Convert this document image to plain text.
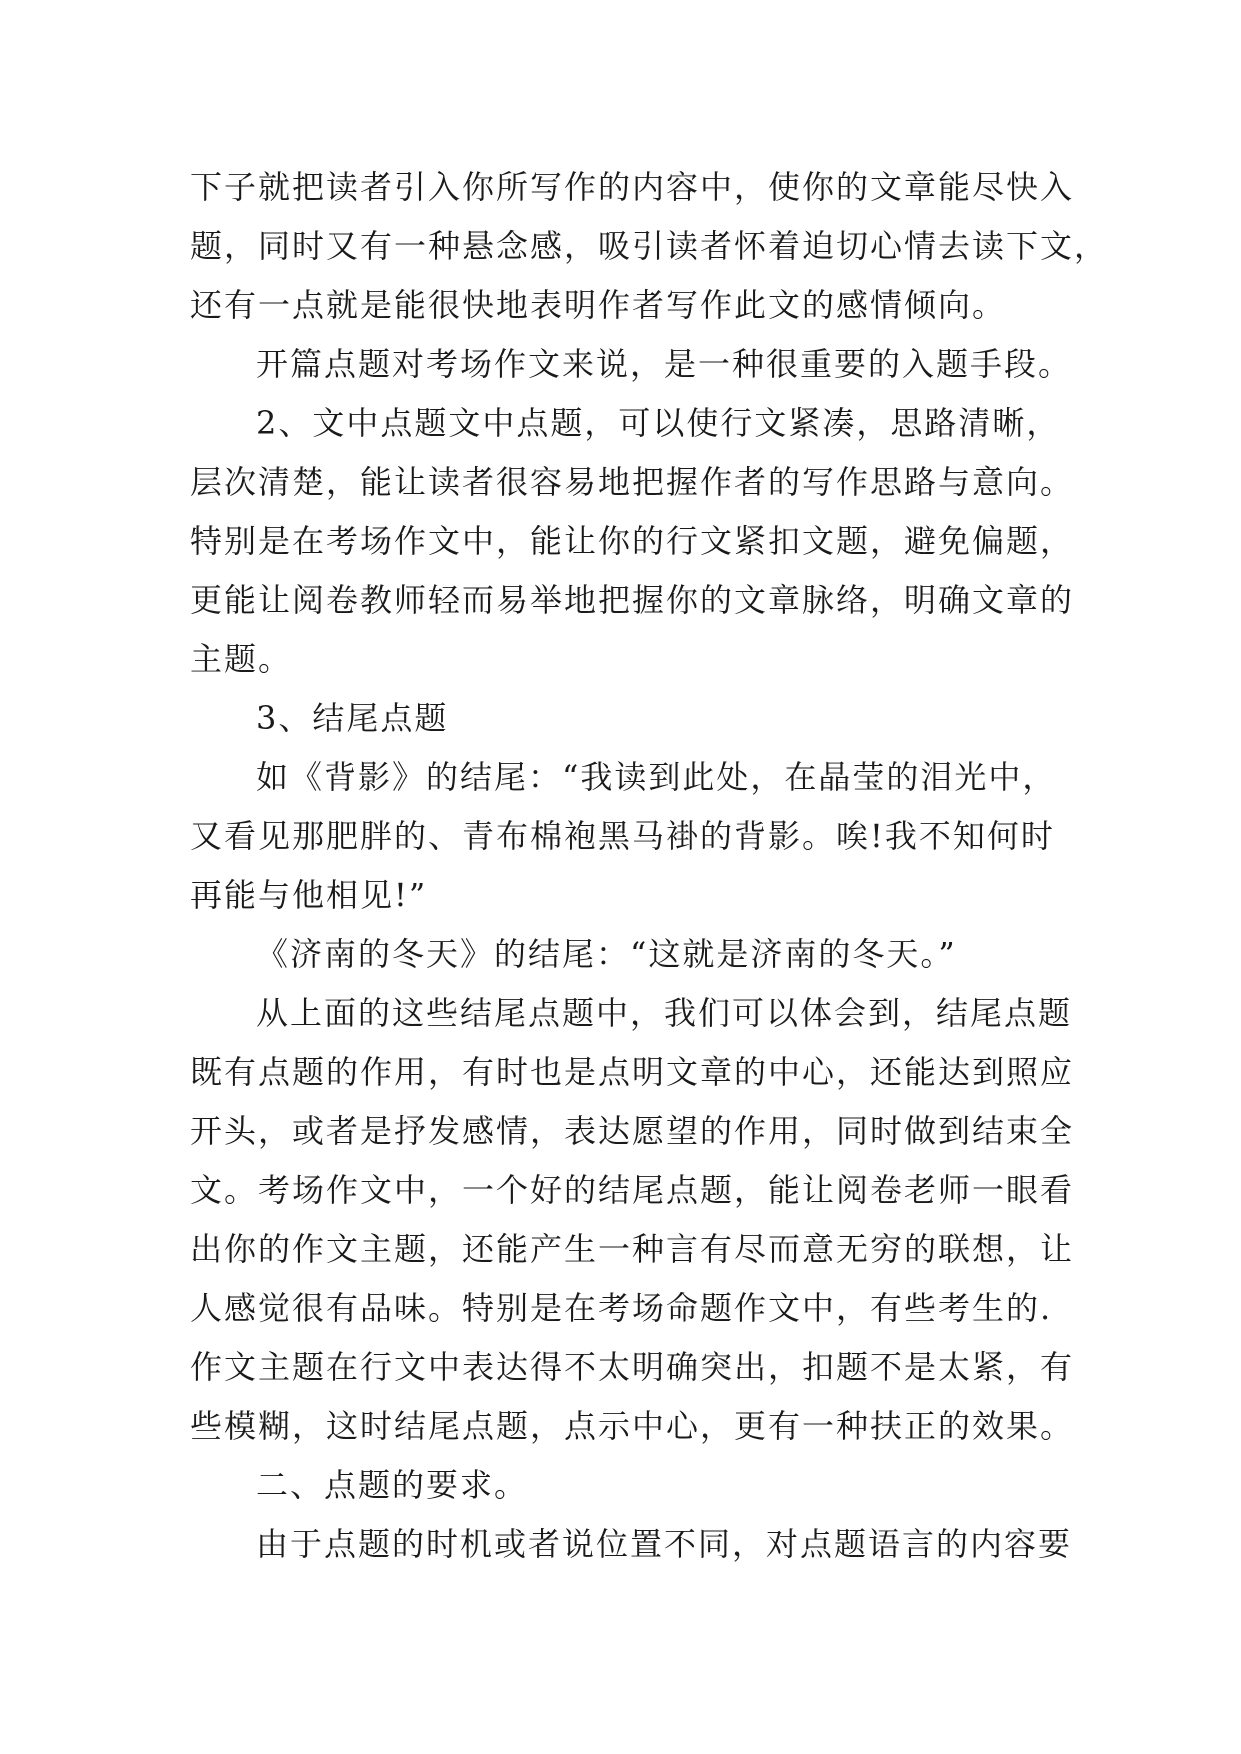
下子就把读者引入你所写作的内容中，使你的文章能尽快入
题，同时又有一种悬念感，吸引读者怀着迫切心情去读下文，
还有一点就是能很快地表明作者写作此文的感情倾向。
开篇点题对考场作文来说，是一种很重要的入题手段。
2、文中点题文中点题，可以使行文紧凑，思路清晰，
层次清楚，能让读者很容易地把握作者的写作思路与意向。
特别是在考场作文中，能让你的行文紧扣文题，避免偏题，
更能让阅卷教师轻而易举地把握你的文章脉络，明确文章的
主题。
3、结尾点题
如《背影》的结尾：“我读到此处，在晶莹的泪光中，
又看见那肥胖的、青布棉袍黑马褂的背影。唉!我不知何时
再能与他相见!”
《济南的冬天》的结尾：“这就是济南的冬天。”
从上面的这些结尾点题中，我们可以体会到，结尾点题
既有点题的作用，有时也是点明文章的中心，还能达到照应
开头，或者是抒发感情，表达愿望的作用，同时做到结束全
文。考场作文中，一个好的结尾点题，能让阅卷老师一眼看
出你的作文主题，还能产生一种言有尽而意无穷的联想，让
人感觉很有品味。特别是在考场命题作文中，有些考生的.
作文主题在行文中表达得不太明确突出，扣题不是太紧，有
些模糊，这时结尾点题，点示中心，更有一种扶正的效果。
二、点题的要求。
由于点题的时机或者说位置不同，对点题语言的内容要
